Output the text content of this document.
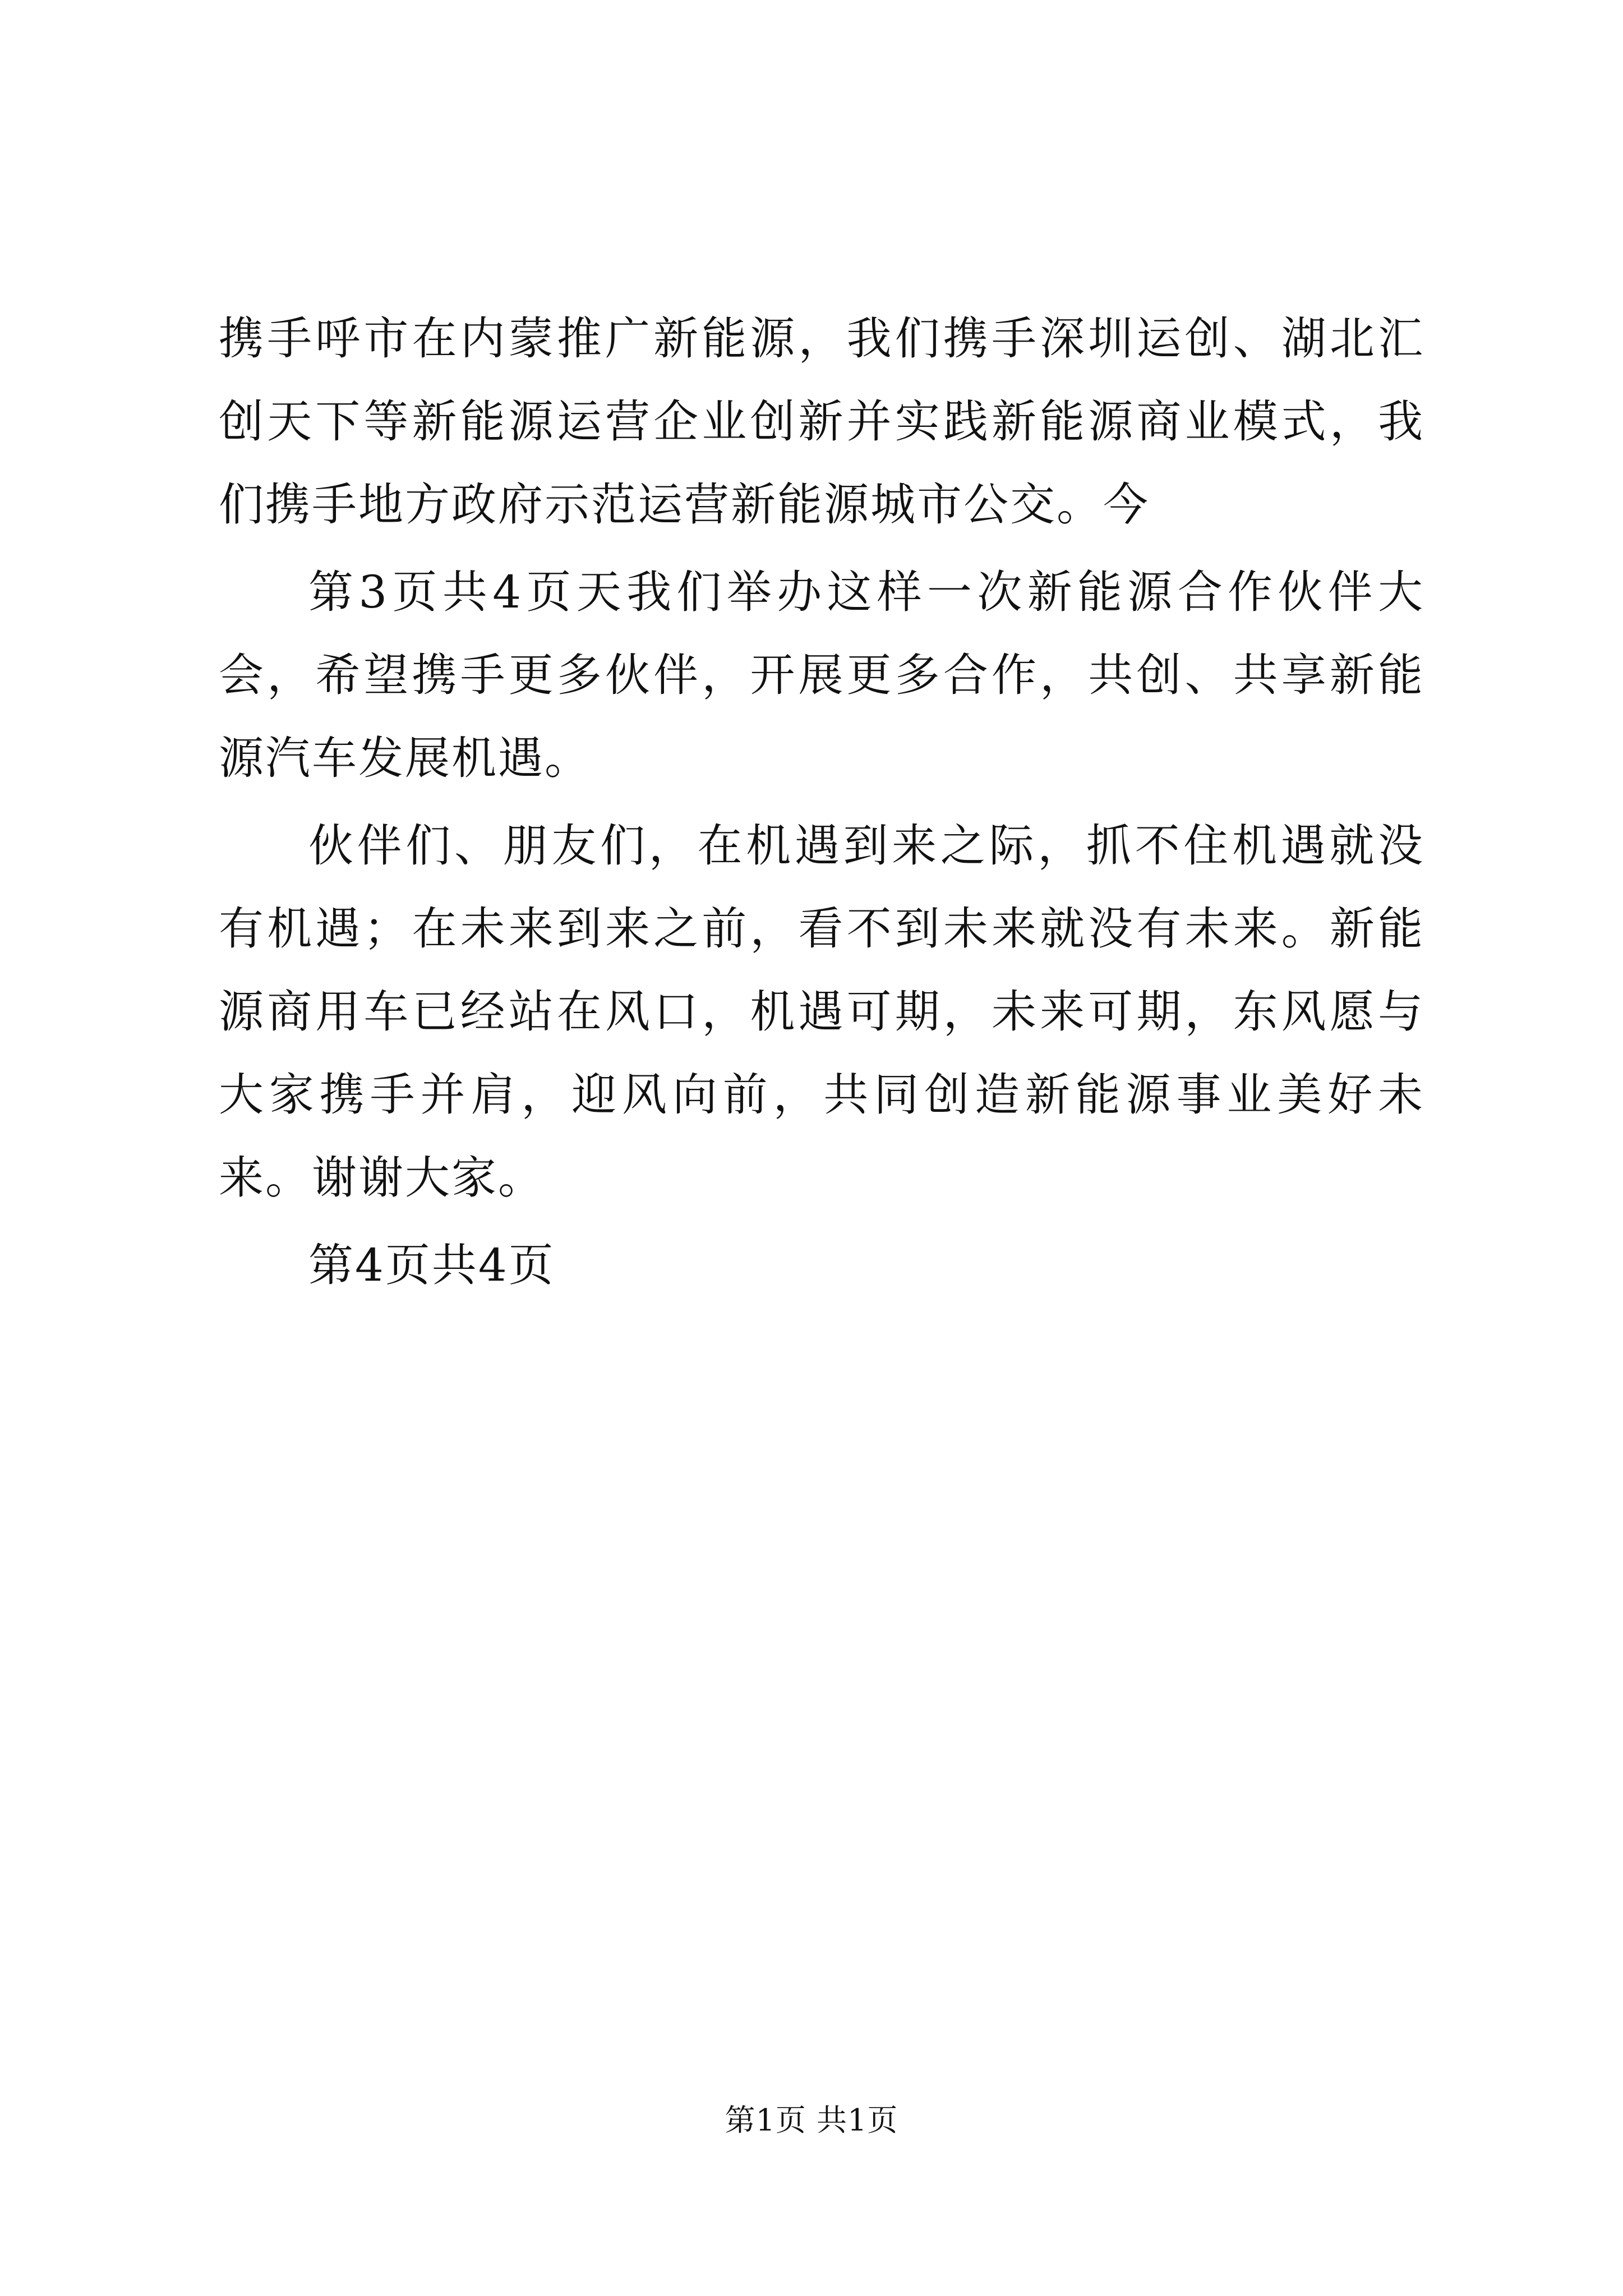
携手呼市在内蒙推广新能源，我们携手深圳运创、湖北汇创天下等新能源运营企业创新并实践新能源商业模式，我们携手地方政府示范运营新能源城市公交。今

第3页共4页天我们举办这样一次新能源合作伙伴大会，希望携手更多伙伴，开展更多合作，共创、共享新能源汽车发展机遇。

伙伴们、朋友们，在机遇到来之际，抓不住机遇就没有机遇；在未来到来之前，看不到未来就没有未来。新能源商用车已经站在风口，机遇可期，未来可期，东风愿与大家携手并肩，迎风向前，共同创造新能源事业美好未来。谢谢大家。

第4页共4页

第1页 共1页
